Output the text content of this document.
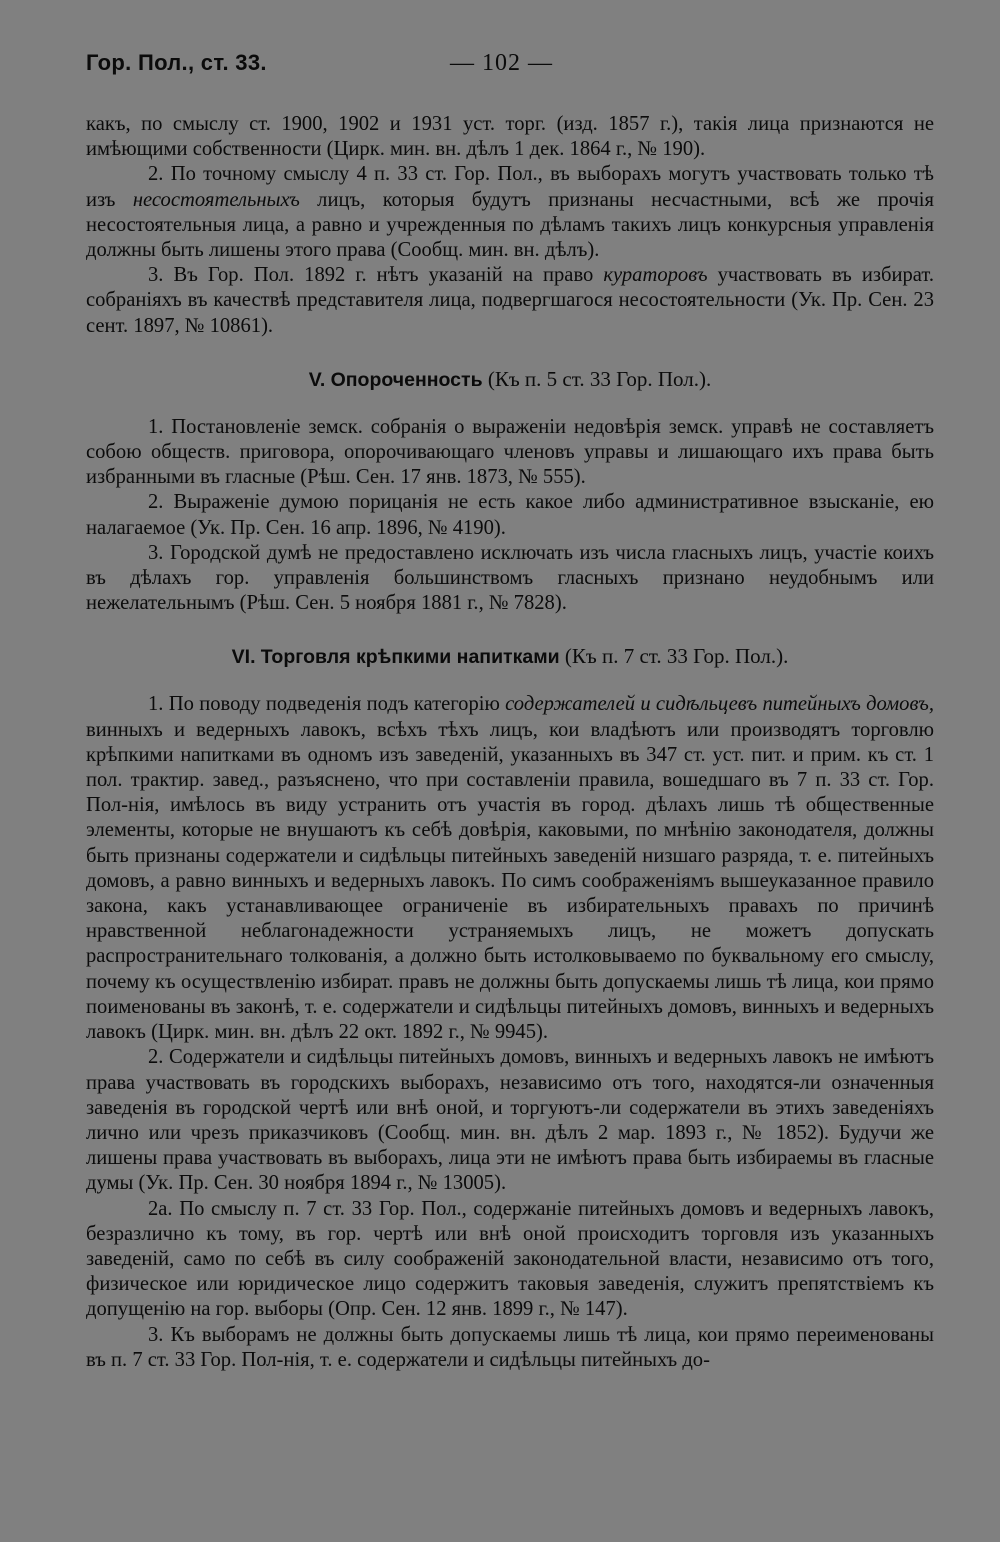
Гор. Пол., ст. 33.	— 102 —

какъ, по смыслу ст. 1900, 1902 и 1931 уст. торг. (изд. 1857 г.), такія лица признаются не имѣющими собственности (Цирк. мин. вн. дѣлъ 1 дек. 1864 г., № 190).

2. По точному смыслу 4 п. 33 ст. Гор. Пол., въ выборахъ могутъ участвовать только тѣ изъ несостоятельныхъ лицъ, которыя будутъ признаны несчастными, всѣ же прочія несостоятельныя лица, а равно и учрежденныя по дѣламъ такихъ лицъ конкурсныя управленія должны быть лишены этого права (Сообщ. мин. вн. дѣлъ).

3. Въ Гор. Пол. 1892 г. нѣтъ указаній на право кураторовъ участвовать въ избират. собраніяхъ въ качествѣ представителя лица, подвергшагося несостоятельности (Ук. Пр. Сен. 23 сент. 1897, № 10861).

V. Опороченность (Къ п. 5 ст. 33 Гор. Пол.).

1. Постановленіе земск. собранія о выраженіи недовѣрія земск. управѣ не составляетъ собою обществ. приговора, опорочивающаго членовъ управы и лишающаго ихъ права быть избранными въ гласные (Рѣш. Сен. 17 янв. 1873, № 555).

2. Выраженіе думою порицанія не есть какое либо административное взысканіе, ею налагаемое (Ук. Пр. Сен. 16 апр. 1896, № 4190).

3. Городской думѣ не предоставлено исключать изъ числа гласныхъ лицъ, участіе коихъ въ дѣлахъ гор. управленія большинствомъ гласныхъ признано неудобнымъ или нежелательнымъ (Рѣш. Сен. 5 ноября 1881 г., № 7828).

VI. Торговля крѣпкими напитками (Къ п. 7 ст. 33 Гор. Пол.).

1. По поводу подведенія подъ категорію содержателей и сидѣльцевъ питейныхъ домовъ, винныхъ и ведерныхъ лавокъ, всѣхъ тѣхъ лицъ, кои владѣютъ или производятъ торговлю крѣпкими напитками въ одномъ изъ заведеній, указанныхъ въ 347 ст. уст. пит. и прим. къ ст. 1 пол. трактир. завед., разъяснено, что при составленіи правила, вошедшаго въ 7 п. 33 ст. Гор. Пол-нія, имѣлось въ виду устранить отъ участія въ город. дѣлахъ лишь тѣ общественные элементы, которые не внушаютъ къ себѣ довѣрія, каковыми, по мнѣнію законодателя, должны быть признаны содержатели и сидѣльцы питейныхъ заведеній низшаго разряда, т. е. питейныхъ домовъ, а равно винныхъ и ведерныхъ лавокъ. По симъ соображеніямъ вышеуказанное правило закона, какъ устанавливающее ограниченіе въ избирательныхъ правахъ по причинѣ нравственной неблагонадежности устраняемыхъ лицъ, не можетъ допускать распространительнаго толкованія, а должно быть истолковываемо по буквальному его смыслу, почему къ осуществленію избират. правъ не должны быть допускаемы лишь тѣ лица, кои прямо поименованы въ законѣ, т. е. содержатели и сидѣльцы питейныхъ домовъ, винныхъ и ведерныхъ лавокъ (Цирк. мин. вн. дѣлъ 22 окт. 1892 г., № 9945).

2. Содержатели и сидѣльцы питейныхъ домовъ, винныхъ и ведерныхъ лавокъ не имѣютъ права участвовать въ городскихъ выборахъ, независимо отъ того, находятся-ли означенныя заведенія въ городской чертѣ или внѣ оной, и торгуютъ-ли содержатели въ этихъ заведеніяхъ лично или чрезъ приказчиковъ (Сообщ. мин. вн. дѣлъ 2 мар. 1893 г., № 1852). Будучи же лишены права участвовать въ выборахъ, лица эти не имѣютъ права быть избираемы въ гласные думы (Ук. Пр. Сен. 30 ноября 1894 г., № 13005).

2а. По смыслу п. 7 ст. 33 Гор. Пол., содержаніе питейныхъ домовъ и ведерныхъ лавокъ, безразлично къ тому, въ гор. чертѣ или внѣ оной происходитъ торговля изъ указанныхъ заведеній, само по себѣ въ силу соображеній законодательной власти, независимо отъ того, физическое или юридическое лицо содержитъ таковыя заведенія, служитъ препятствіемъ къ допущенію на гор. выборы (Опр. Сен. 12 янв. 1899 г., № 147).

3. Къ выборамъ не должны быть допускаемы лишь тѣ лица, кои прямо переименованы въ п. 7 ст. 33 Гор. Пол-нія, т. е. содержатели и сидѣльцы питейныхъ до-
